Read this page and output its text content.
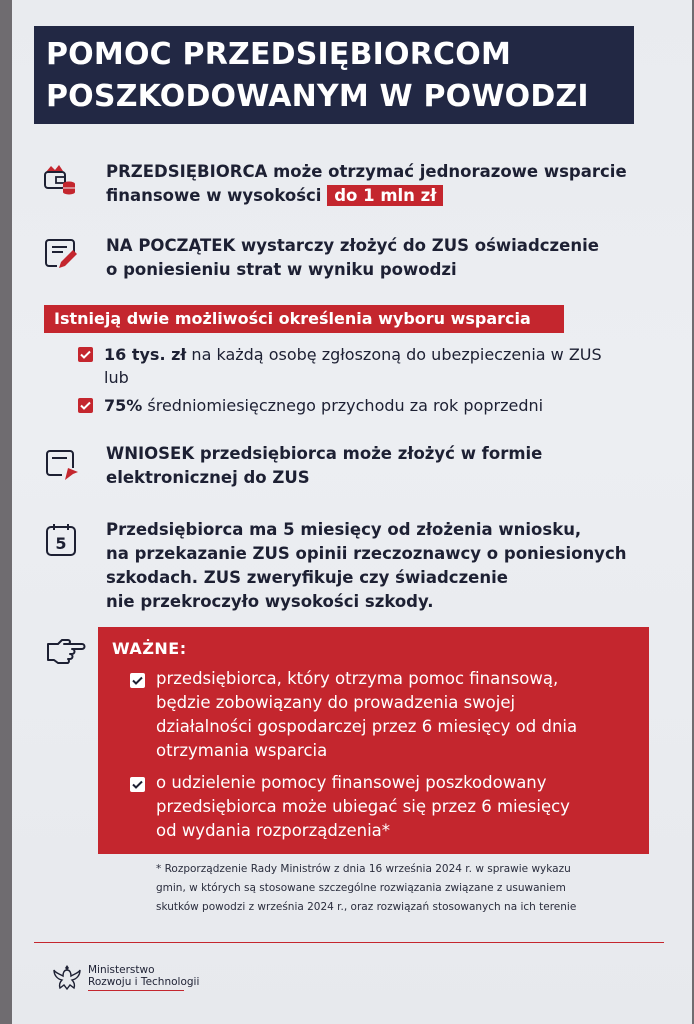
POMOC PRZEDSIĘBIORCOM
POSZKODOWANYM W POWODZI
PRZEDSIĘBIORCA może otrzymać jednorazowe wsparcie
finansowe w wysokości do 1 mln zł
NA POCZĄTEK wystarczy złożyć do ZUS oświadczenie
o poniesieniu strat w wyniku powodzi
Istnieją dwie możliwości określenia wyboru wsparcia
16 tys. zł na każdą osobę zgłoszoną do ubezpieczenia w ZUS
lub
75% średniomiesięcznego przychodu za rok poprzedni
WNIOSEK przedsiębiorca może złożyć w formie
elektronicznej do ZUS
5
Przedsiębiorca ma 5 miesięcy od złożenia wniosku,
na przekazanie ZUS opinii rzeczoznawcy o poniesionych
szkodach. ZUS zweryfikuje czy świadczenie
nie przekroczyło wysokości szkody.
WAŻNE:
przedsiębiorca, który otrzyma pomoc finansową,
będzie zobowiązany do prowadzenia swojej
działalności gospodarczej przez 6 miesięcy od dnia
otrzymania wsparcia
o udzielenie pomocy finansowej poszkodowany
przedsiębiorca może ubiegać się przez 6 miesięcy
od wydania rozporządzenia*
* Rozporządzenie Rady Ministrów z dnia 16 września 2024 r. w sprawie wykazu
gmin, w których są stosowane szczególne rozwiązania związane z usuwaniem
skutków powodzi z września 2024 r., oraz rozwiązań stosowanych na ich terenie
Ministerstwo
Rozwoju i Technologii
